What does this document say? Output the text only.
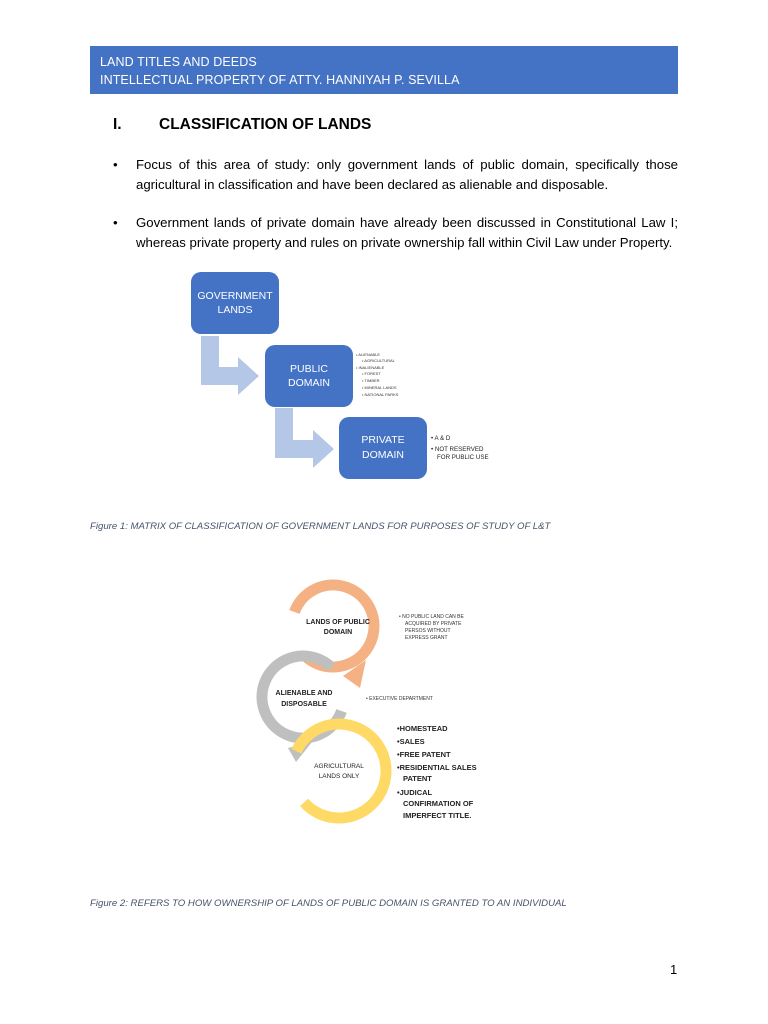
LAND TITLES AND DEEDS
INTELLECTUAL PROPERTY OF ATTY. HANNIYAH P. SEVILLA
I. CLASSIFICATION OF LANDS
• Focus of this area of study: only government lands of public domain, specifically those agricultural in classification and have been declared as alienable and disposable.
• Government lands of private domain have already been discussed in Constitutional Law I; whereas private property and rules on private ownership fall within Civil Law under Property.
GOVERNMENT
LANDS
PUBLIC
DOMAIN
PRIVATE
DOMAIN
• ALIENABLE
• AGRICULTURAL
• INALIENABLE
• FOREST
• TIMBER
• MINERAL LANDS
• NATIONAL PARKS
• A & D
• NOT RESERVED
FOR PUBLIC USE
Figure 1: MATRIX OF CLASSIFICATION OF GOVERNMENT LANDS FOR PURPOSES OF STUDY OF L&T
LANDS OF PUBLIC
DOMAIN
ALIENABLE AND
DISPOSABLE
AGRICULTURAL
LANDS ONLY
• NO PUBLIC LAND CAN BE
ACQUIRED BY PRIVATE
PERSOS WITHOUT
EXPRESS GRANT
• EXECUTIVE DEPARTMENT
•HOMESTEAD
•SALES
•FREE PATENT
•RESIDENTIAL SALES
PATENT
•JUDICAL
CONFIRMATION OF
IMPERFECT TITLE.
Figure 2: REFERS TO HOW OWNERSHIP OF LANDS OF PUBLIC DOMAIN IS GRANTED TO AN INDIVIDUAL
1
